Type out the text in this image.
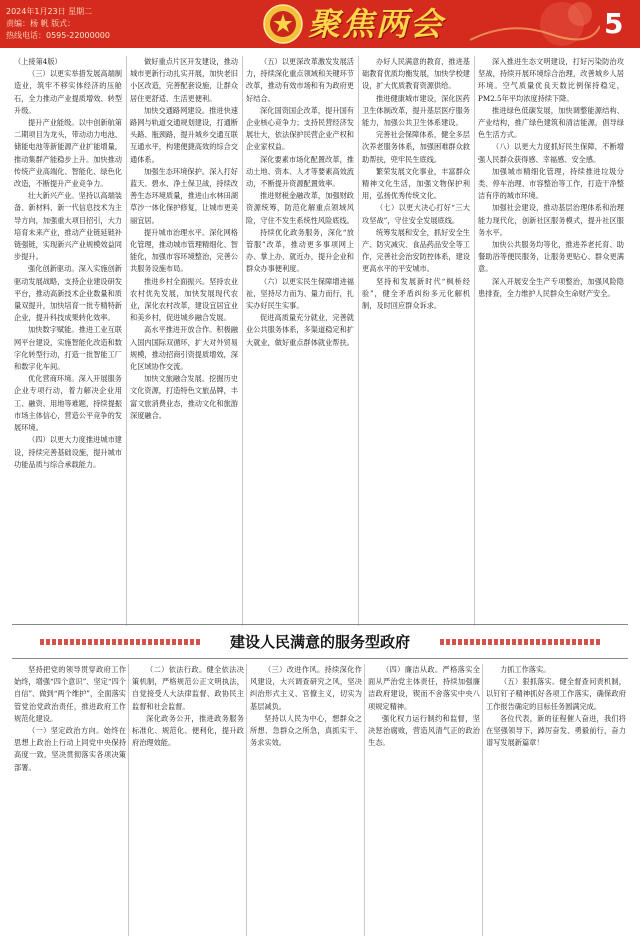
2024年1月23日 星期二
责编：杨 帆 版式：
热线电话：0595-22000000	聚焦两会	5

（上接第4版）

（三）以更实举措发展高端制造业，筑牢不移实体经济的压舱石，全力推动产业提质增效、转型升级。

提升产业能级。以中创新航第二期项目为龙头，带动动力电池、储能电池等新能源产业扩能增量，推动集群产能稳步上升。加快推动传统产业高端化、智能化、绿色化改造，不断提升产业竞争力。

壮大新兴产业。坚持以高端装备、新材料、新一代信息技术为主导方向，加强重大项目招引，大力培育未来产业，推动产业链延链补链强链，实现新兴产业规模效益同步提升。

强化创新驱动。深入实施创新驱动发展战略，支持企业建设研发平台，推动高新技术企业数量和质量双提升，加快培育一批专精特新企业，提升科技成果转化效率。

加快数字赋能。推进工业互联网平台建设，实施智能化改造和数字化转型行动，打造一批智能工厂和数字化车间。

优化营商环境。深入开展服务企业专项行动，着力解决企业用工、融资、用地等难题，持续提振市场主体信心，营造公平竞争的发展环境。

（四）以更大力度推进城市建设，持续完善基础设施，提升城市功能品质与综合承载能力。

做好重点片区开发建设，推动城市更新行动扎实开展，加快老旧小区改造，完善配套设施，让群众居住更舒适、生活更便利。

加快交通路网建设。推进快速路网与轨道交通规划建设，打通断头路、瓶颈路，提升城乡交通互联互通水平，构建便捷高效的综合交通体系。

加强生态环境保护。深入打好蓝天、碧水、净土保卫战，持续改善生态环境质量，推进山水林田湖草沙一体化保护修复，让城市更美丽宜居。

提升城市治理水平。深化网格化管理，推动城市管理精细化、智能化，加强市容环境整治，完善公共服务设施布局。

推进乡村全面振兴。坚持农业农村优先发展，加快发展现代农业，深化农村改革，建设宜居宜业和美乡村，促进城乡融合发展。

高水平推进开放合作。积极融入国内国际双循环，扩大对外贸易规模，推动招商引资提质增效，深化区域协作交流。

加快文旅融合发展。挖掘历史文化资源，打造特色文旅品牌，丰富文旅消费业态，推动文化和旅游深度融合。

（五）以更深改革激发发展活力，持续深化重点领域和关键环节改革，推动有效市场和有为政府更好结合。

深化国资国企改革，提升国有企业核心竞争力；支持民营经济发展壮大，依法保护民营企业产权和企业家权益。

深化要素市场化配置改革，推动土地、资本、人才等要素高效流动，不断提升资源配置效率。

推进财税金融改革，加强财政资源统筹，防范化解重点领域风险，守住不发生系统性风险底线。

持续优化政务服务，深化“放管服”改革，推动更多事项网上办、掌上办、就近办，提升企业和群众办事便利度。

（六）以更实民生保障增进福祉，坚持尽力而为、量力而行，扎实办好民生实事。

促进高质量充分就业，完善就业公共服务体系，多渠道稳定和扩大就业，做好重点群体就业帮扶。

办好人民满意的教育，推进基础教育优质均衡发展，加快学校建设，扩大优质教育资源供给。

推进健康城市建设，深化医药卫生体制改革，提升基层医疗服务能力，加强公共卫生体系建设。

完善社会保障体系，健全多层次养老服务体系，加强困难群众救助帮扶，兜牢民生底线。

繁荣发展文化事业，丰富群众精神文化生活，加强文物保护利用，弘扬优秀传统文化。

（七）以更大决心打好“三大攻坚战”，守住安全发展底线。

统筹发展和安全，抓好安全生产、防灾减灾、食品药品安全等工作，完善社会治安防控体系，建设更高水平的平安城市。

坚持和发展新时代“枫桥经验”，健全矛盾纠纷多元化解机制，及时回应群众诉求。

深入推进生态文明建设，打好污染防治攻坚战，持续开展环境综合治理，改善城乡人居环境。空气质量优良天数比例保持稳定，PM2.5年平均浓度持续下降。

推进绿色低碳发展，加快调整能源结构、产业结构，推广绿色建筑和清洁能源，倡导绿色生活方式。

（八）以更大力度抓好民生保障，不断增强人民群众获得感、幸福感、安全感。

加强城市精细化管理，持续推进垃圾分类、停车治理、市容整治等工作，打造干净整洁有序的城市环境。

加强社会建设，推动基层治理体系和治理能力现代化，创新社区服务模式，提升社区服务水平。

加快公共服务均等化，推进养老托育、助餐助浴等便民服务，让服务更贴心、群众更满意。

深入开展安全生产专项整治，加强风险隐患排查，全力维护人民群众生命财产安全。

建设人民满意的服务型政府

坚持把党的领导贯穿政府工作始终，增强“四个意识”、坚定“四个自信”、做到“两个维护”，全面落实管党治党政治责任，推进政府工作规范化建设。

（一）坚定政治方向。始终在思想上政治上行动上同党中央保持高度一致，坚决贯彻落实各项决策部署。

（二）依法行政。健全依法决策机制，严格规范公正文明执法，自觉接受人大法律监督、政协民主监督和社会监督。

深化政务公开，推进政务服务标准化、规范化、便利化，提升政府治理效能。

（三）改进作风。持续深化作风建设，大兴调查研究之风，坚决纠治形式主义、官僚主义，切实为基层减负。

坚持以人民为中心，想群众之所想、急群众之所急，真抓实干、务求实效。

（四）廉洁从政。严格落实全面从严治党主体责任，持续加强廉洁政府建设，锲而不舍落实中央八项规定精神。

强化权力运行制约和监督，坚决惩治腐败，营造风清气正的政治生态。

力抓工作落实。

（五）狠抓落实。健全督查问责机制，以钉钉子精神抓好各项工作落实，确保政府工作报告确定的目标任务圆满完成。

各位代表，新的征程催人奋进，我们将在坚强领导下，踔厉奋发、勇毅前行，奋力谱写发展新篇章！
